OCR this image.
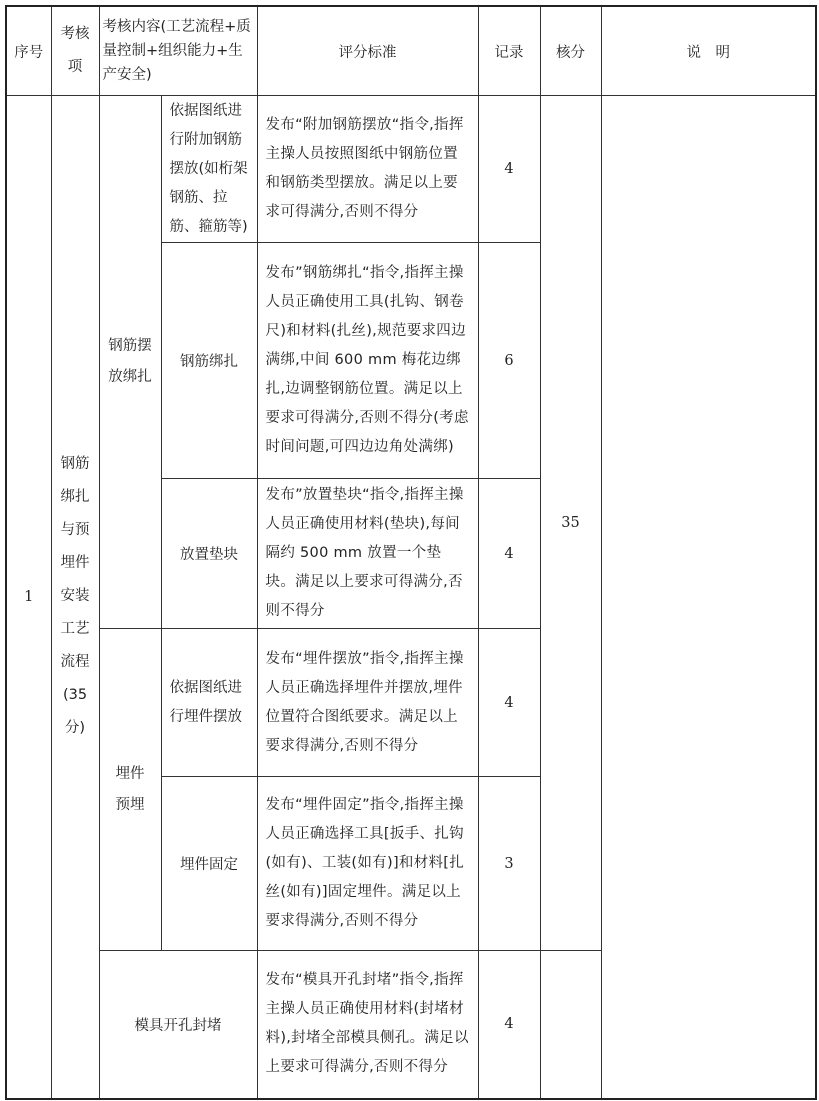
序号	考核项	考核内容(工艺流程+质量控制+组织能力+生产安全)		评分标准	记录	核分	说　明
1	钢筋绑扎与预埋件安装工艺流程(35分)	钢筋摆放绑扎	依据图纸进行附加钢筋摆放(如桁架钢筋、拉筋、箍筋等)	发布“附加钢筋摆放“指令,指挥主操人员按照图纸中钢筋位置和钢筋类型摆放。满足以上要求可得满分,否则不得分	4	35	
			钢筋绑扎	发布”钢筋绑扎“指令,指挥主操人员正确使用工具(扎钩、钢卷尺)和材料(扎丝),规范要求四边满绑,中间 600 mm 梅花边绑扎,边调整钢筋位置。满足以上要求可得满分,否则不得分(考虑时间问题,可四边边角处满绑)	6		
			放置垫块	发布”放置垫块“指令,指挥主操人员正确使用材料(垫块),每间隔约 500 mm 放置一个垫块。满足以上要求可得满分,否则不得分	4		
		埋件预埋	依据图纸进行埋件摆放	发布“埋件摆放”指令,指挥主操人员正确选择埋件并摆放,埋件位置符合图纸要求。满足以上要求得满分,否则不得分	4		
			埋件固定	发布“埋件固定”指令,指挥主操人员正确选择工具[扳手、扎钩(如有)、工装(如有)]和材料[扎丝(如有)]固定埋件。满足以上要求得满分,否则不得分	3		
		模具开孔封堵		发布“模具开孔封堵”指令,指挥主操人员正确使用材料(封堵材料),封堵全部模具侧孔。满足以上要求可得满分,否则不得分	4		
